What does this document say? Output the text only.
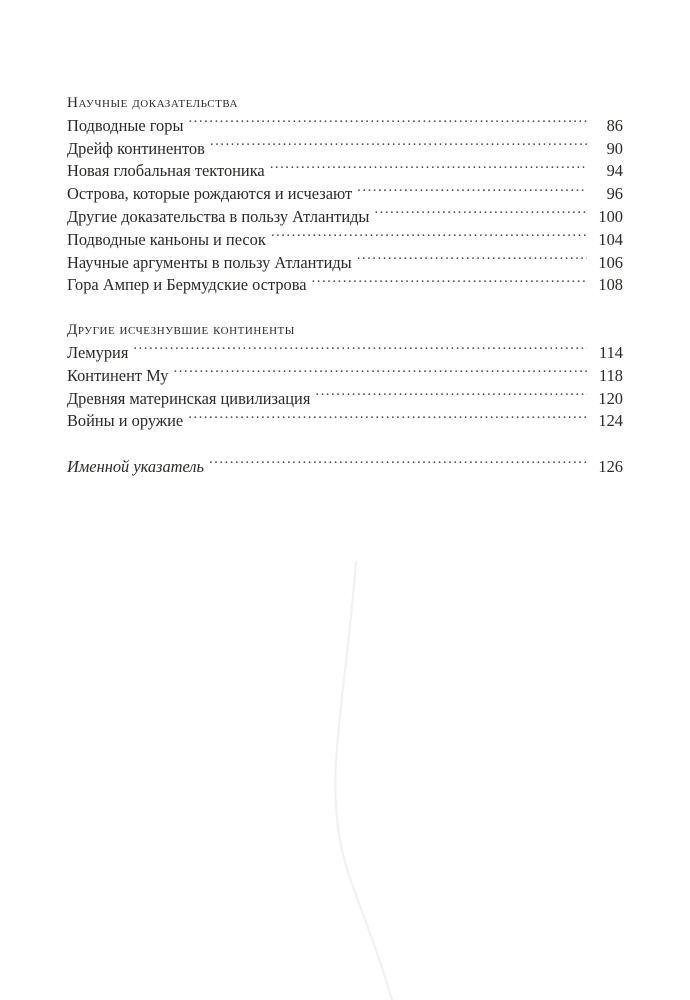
Научные доказательства
Подводные горы .....	86
Дрейф континентов .....	90
Новая глобальная тектоника .....	94
Острова, которые рождаются и исчезают .....	96
Другие доказательства в пользу Атлантиды .....	100
Подводные каньоны и песок .....	104
Научные аргументы в пользу Атлантиды .....	106
Гора Ампер и Бермудские острова .....	108
Другие исчезнувшие континенты
Лемурия .....	114
Континент Му .....	118
Древняя материнская цивилизация .....	120
Войны и оружие .....	124
Именной указатель .....	126
